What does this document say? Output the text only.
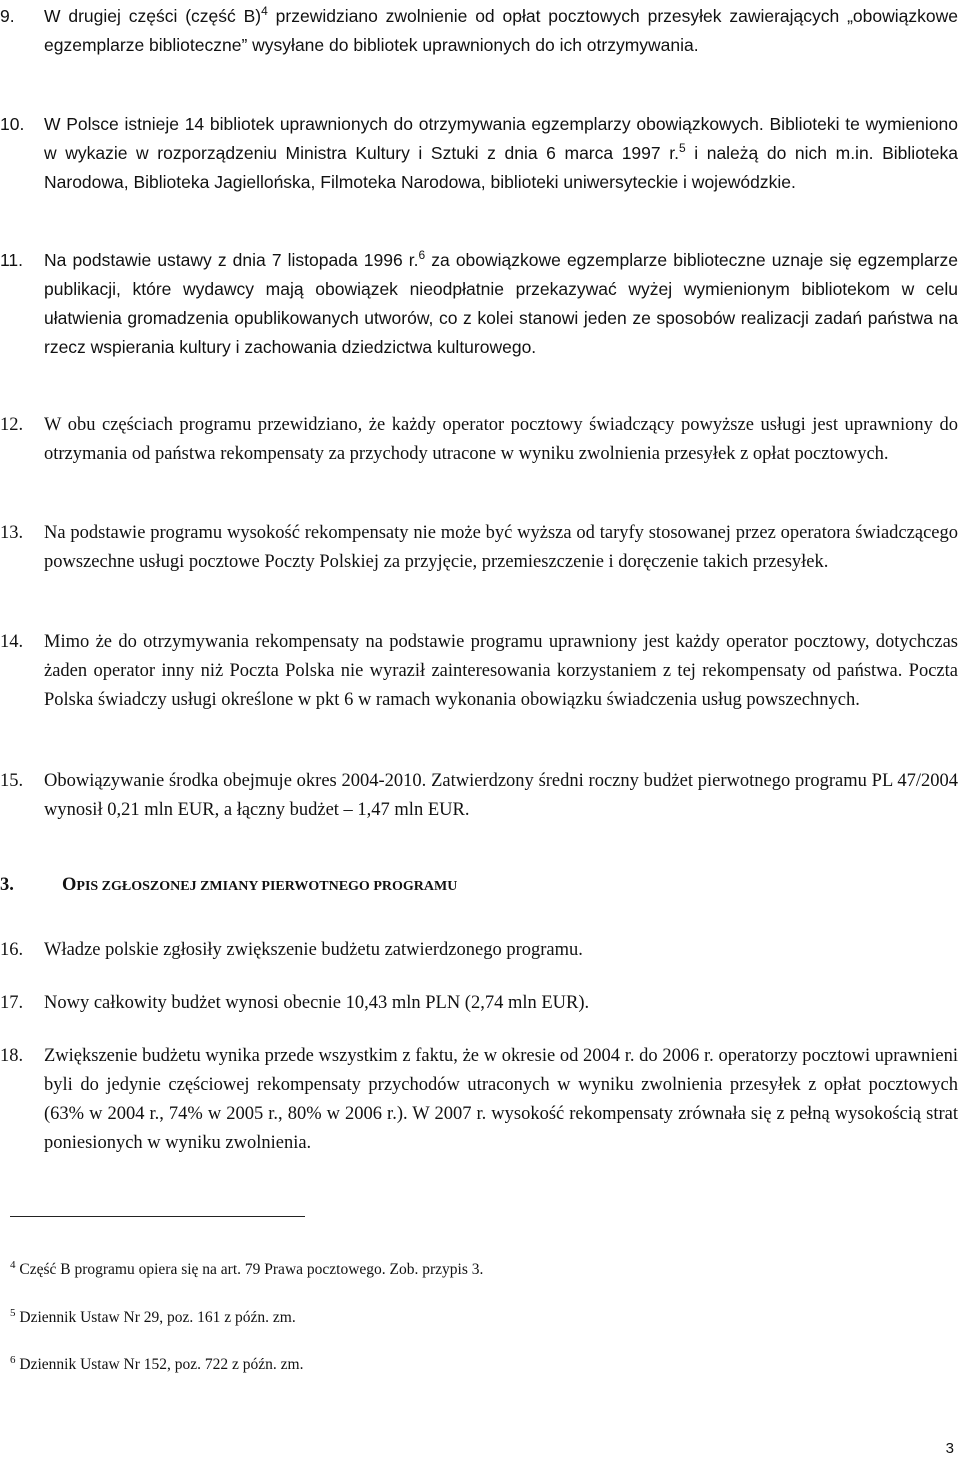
9.	W drugiej części (część B)$^4$ przewidziano zwolnienie od opłat pocztowych przesyłek zawierających „obowiązkowe egzemplarze biblioteczne” wysyłane do bibliotek uprawnionych do ich otrzymywania.
10.	W Polsce istnieje 14 bibliotek uprawnionych do otrzymywania egzemplarzy obowiązkowych. Biblioteki te wymieniono w wykazie w rozporządzeniu Ministra Kultury i Sztuki z dnia 6 marca 1997 r.$^5$ i należą do nich m.in. Biblioteka Narodowa, Biblioteka Jagiellońska, Filmoteka Narodowa, biblioteki uniwersyteckie i wojewódzkie.
11.	Na podstawie ustawy z dnia 7 listopada 1996 r.$^6$ za obowiązkowe egzemplarze biblioteczne uznaje się egzemplarze publikacji, które wydawcy mają obowiązek nieodpłatnie przekazywać wyżej wymienionym bibliotekom w celu ułatwienia gromadzenia opublikowanych utworów, co z kolei stanowi jeden ze sposobów realizacji zadań państwa na rzecz wspierania kultury i zachowania dziedzictwa kulturowego.
12.	W obu częściach programu przewidziano, że każdy operator pocztowy świadczący powyższe usługi jest uprawniony do otrzymania od państwa rekompensaty za przychody utracone w wyniku zwolnienia przesyłek z opłat pocztowych.
13.	Na podstawie programu wysokość rekompensaty nie może być wyższa od taryfy stosowanej przez operatora świadczącego powszechne usługi pocztowe Poczty Polskiej za przyjęcie, przemieszczenie i doręczenie takich przesyłek.
14.	Mimo że do otrzymywania rekompensaty na podstawie programu uprawniony jest każdy operator pocztowy, dotychczas żaden operator inny niż Poczta Polska nie wyraził zainteresowania korzystaniem z tej rekompensaty od państwa. Poczta Polska świadczy usługi określone w pkt 6 w ramach wykonania obowiązku świadczenia usług powszechnych.
15.	Obowiązywanie środka obejmuje okres 2004-2010. Zatwierdzony średni roczny budżet pierwotnego programu PL 47/2004 wynosił 0,21 mln EUR, a łączny budżet – 1,47 mln EUR.
3.	OPIS ZGŁOSZONEJ ZMIANY PIERWOTNEGO PROGRAMU
16.	Władze polskie zgłosiły zwiększenie budżetu zatwierdzonego programu.
17.	Nowy całkowity budżet wynosi obecnie 10,43 mln PLN (2,74 mln EUR).
18.	Zwiększenie budżetu wynika przede wszystkim z faktu, że w okresie od 2004 r. do 2006 r. operatorzy pocztowi uprawnieni byli do jedynie częściowej rekompensaty przychodów utraconych w wyniku zwolnienia przesyłek z opłat pocztowych (63% w 2004 r., 74% w 2005 r., 80% w 2006 r.). W 2007 r. wysokość rekompensaty zrównała się z pełną wysokością strat poniesionych w wyniku zwolnienia.
$^4$ Część B programu opiera się na art. 79 Prawa pocztowego. Zob. przypis 3.
$^5$ Dziennik Ustaw Nr 29, poz. 161 z późn. zm.
$^6$ Dziennik Ustaw Nr 152, poz. 722 z późn. zm.
3
